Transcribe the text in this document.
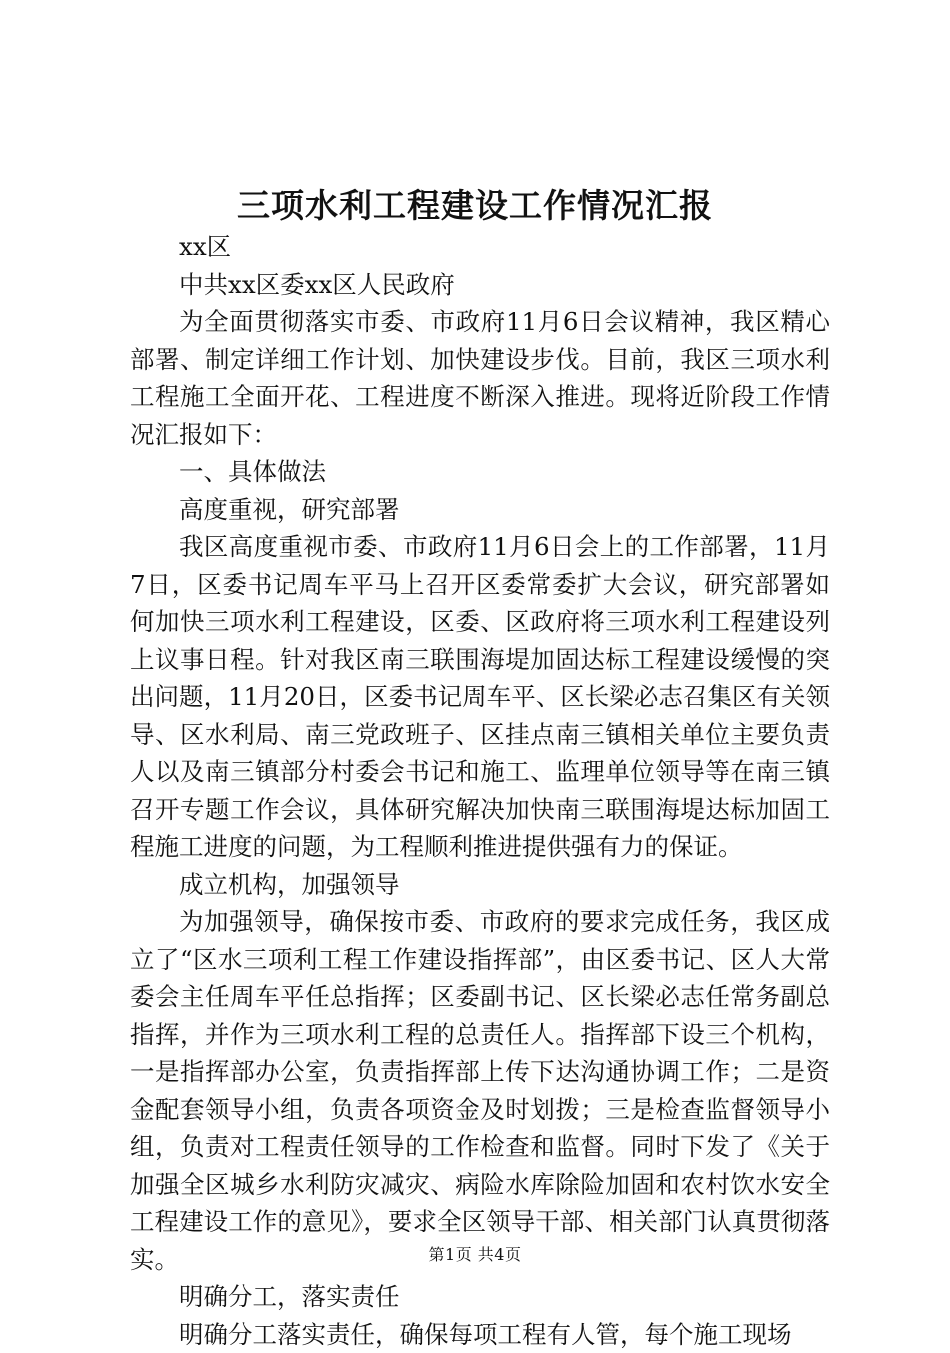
三项水利工程建设工作情况汇报

xx区

中共xx区委xx区人民政府

为全面贯彻落实市委、市政府11月6日会议精神，我区精心部署、制定详细工作计划、加快建设步伐。目前，我区三项水利工程施工全面开花、工程进度不断深入推进。现将近阶段工作情况汇报如下：

一、具体做法

高度重视，研究部署

我区高度重视市委、市政府11月6日会上的工作部署，11月7日，区委书记周车平马上召开区委常委扩大会议，研究部署如何加快三项水利工程建设，区委、区政府将三项水利工程建设列上议事日程。针对我区南三联围海堤加固达标工程建设缓慢的突出问题，11月20日，区委书记周车平、区长梁必志召集区有关领导、区水利局、南三党政班子、区挂点南三镇相关单位主要负责人以及南三镇部分村委会书记和施工、监理单位领导等在南三镇召开专题工作会议，具体研究解决加快南三联围海堤达标加固工程施工进度的问题，为工程顺利推进提供强有力的保证。

成立机构，加强领导

为加强领导，确保按市委、市政府的要求完成任务，我区成立了“区水三项利工程工作建设指挥部”，由区委书记、区人大常委会主任周车平任总指挥；区委副书记、区长梁必志任常务副总指挥，并作为三项水利工程的总责任人。指挥部下设三个机构，一是指挥部办公室，负责指挥部上传下达沟通协调工作；二是资金配套领导小组，负责各项资金及时划拨；三是检查监督领导小组，负责对工程责任领导的工作检查和监督。同时下发了《关于加强全区城乡水利防灾减灾、病险水库除险加固和农村饮水安全工程建设工作的意见》，要求全区领导干部、相关部门认真贯彻落实。

明确分工，落实责任

明确分工落实责任，确保每项工程有人管，每个施工现场

第1页 共4页
